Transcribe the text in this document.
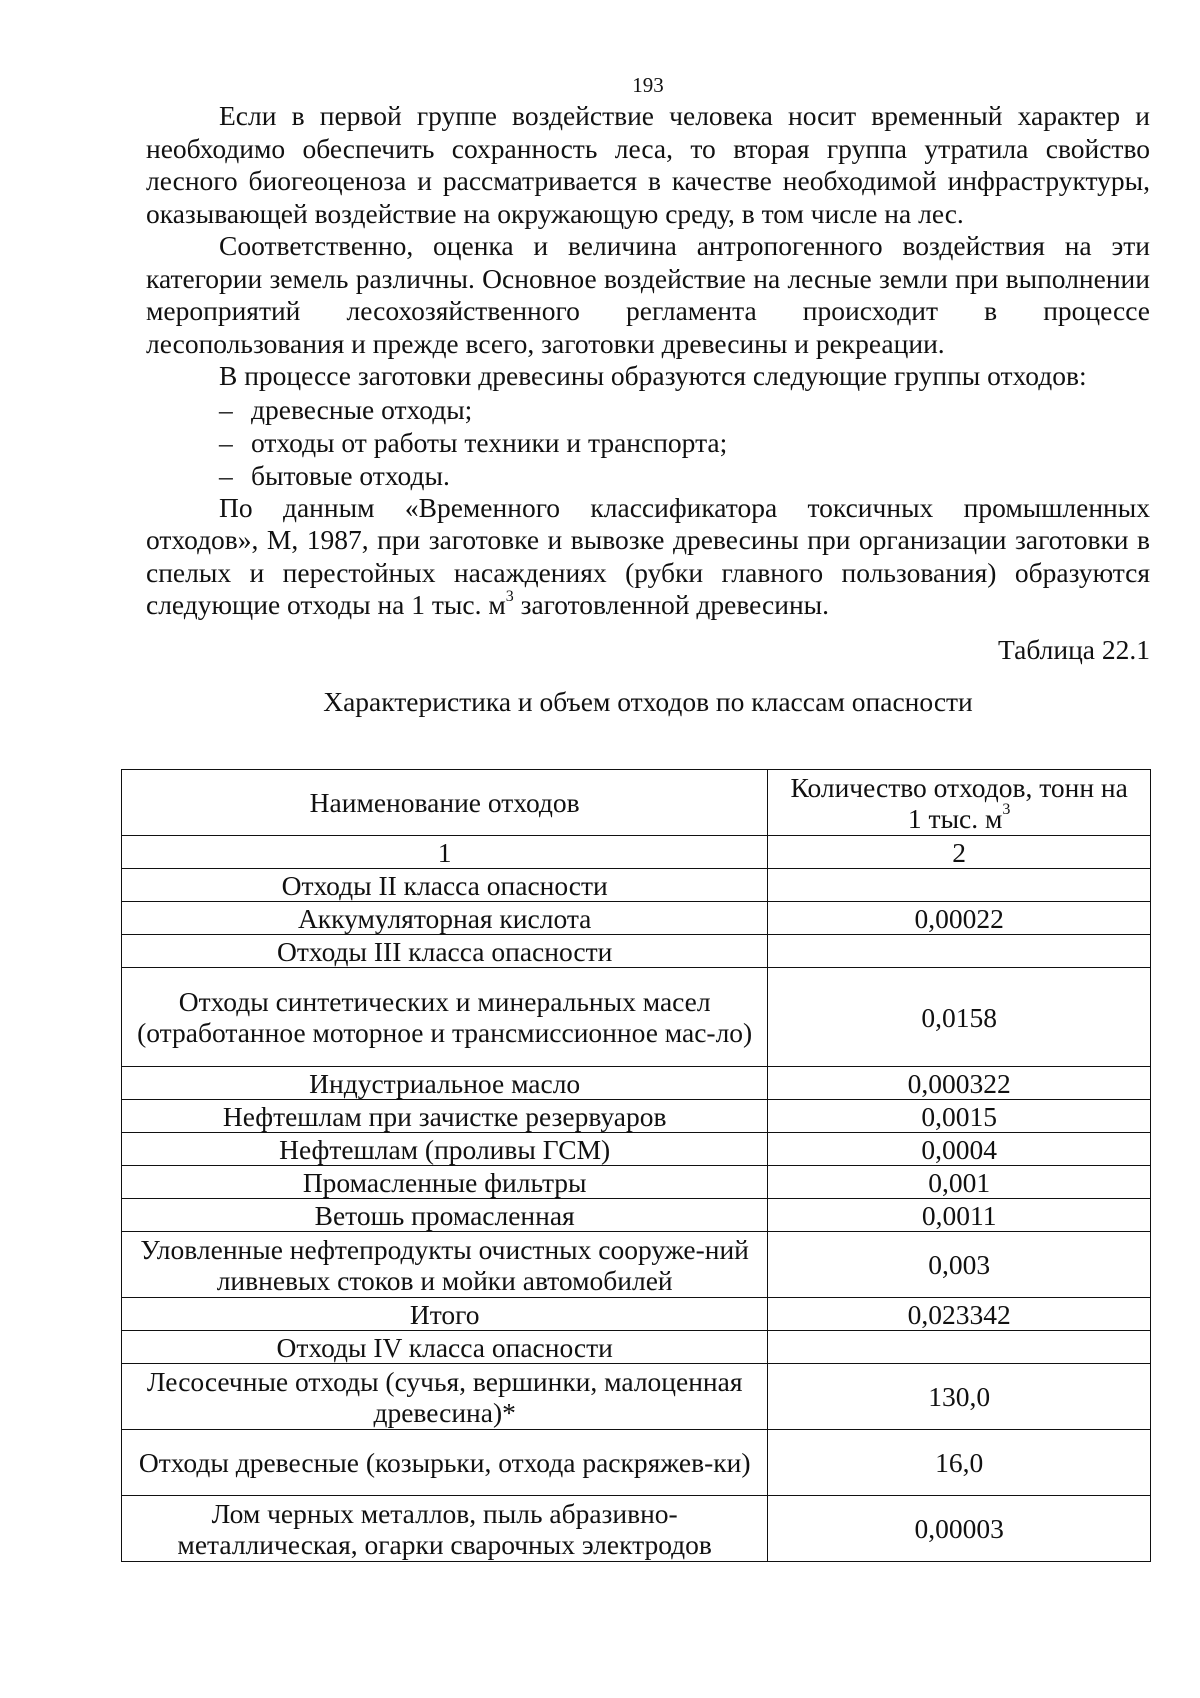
193

Если в первой группе воздействие человека носит временный характер и необходимо обеспечить сохранность леса, то вторая группа утратила свойство лесного биогеоценоза и рассматривается в качестве необходимой инфраструктуры, оказывающей воздействие на окружающую среду, в том числе на лес.

Соответственно, оценка и величина антропогенного воздействия на эти категории земель различны. Основное воздействие на лесные земли при выполнении мероприятий лесохозяйственного регламента происходит в процессе лесопользования и прежде всего, заготовки древесины и рекреации.

В процессе заготовки древесины образуются следующие группы отходов:

– древесные отходы;
– отходы от работы техники и транспорта;
– бытовые отходы.

По данным «Временного классификатора токсичных промышленных отходов», М, 1987, при заготовке и вывозке древесины при организации заготовки в спелых и перестойных насаждениях (рубки главного пользования) образуются следующие отходы на 1 тыс. $м^3$ заготовленной древесины.

Таблица 22.1
Характеристика и объем отходов по классам опасности
Наименование отходов	Количество отходов, тонн на
1 тыс. $м^3$
1	2
Отходы II класса опасности	
Аккумуляторная кислота	0,00022
Отходы III класса опасности	
Отходы синтетических и минеральных масел (отработанное моторное и трансмиссионное мас-ло)	0,0158
Индустриальное масло	0,000322
Нефтешлам при зачистке резервуаров	0,0015
Нефтешлам (проливы ГСМ)	0,0004
Промасленные фильтры	0,001
Ветошь промасленная	0,0011
Уловленные нефтепродукты очистных сооруже-ний ливневых стоков и мойки автомобилей	0,003
Итого	0,023342
Отходы IV класса опасности	
Лесосечные отходы (сучья, вершинки, малоценная древесина)*	130,0
Отходы древесные (козырьки, отхода раскряжев-ки)	16,0
Лом черных металлов, пыль абразивно-металлическая, огарки сварочных электродов	0,00003
